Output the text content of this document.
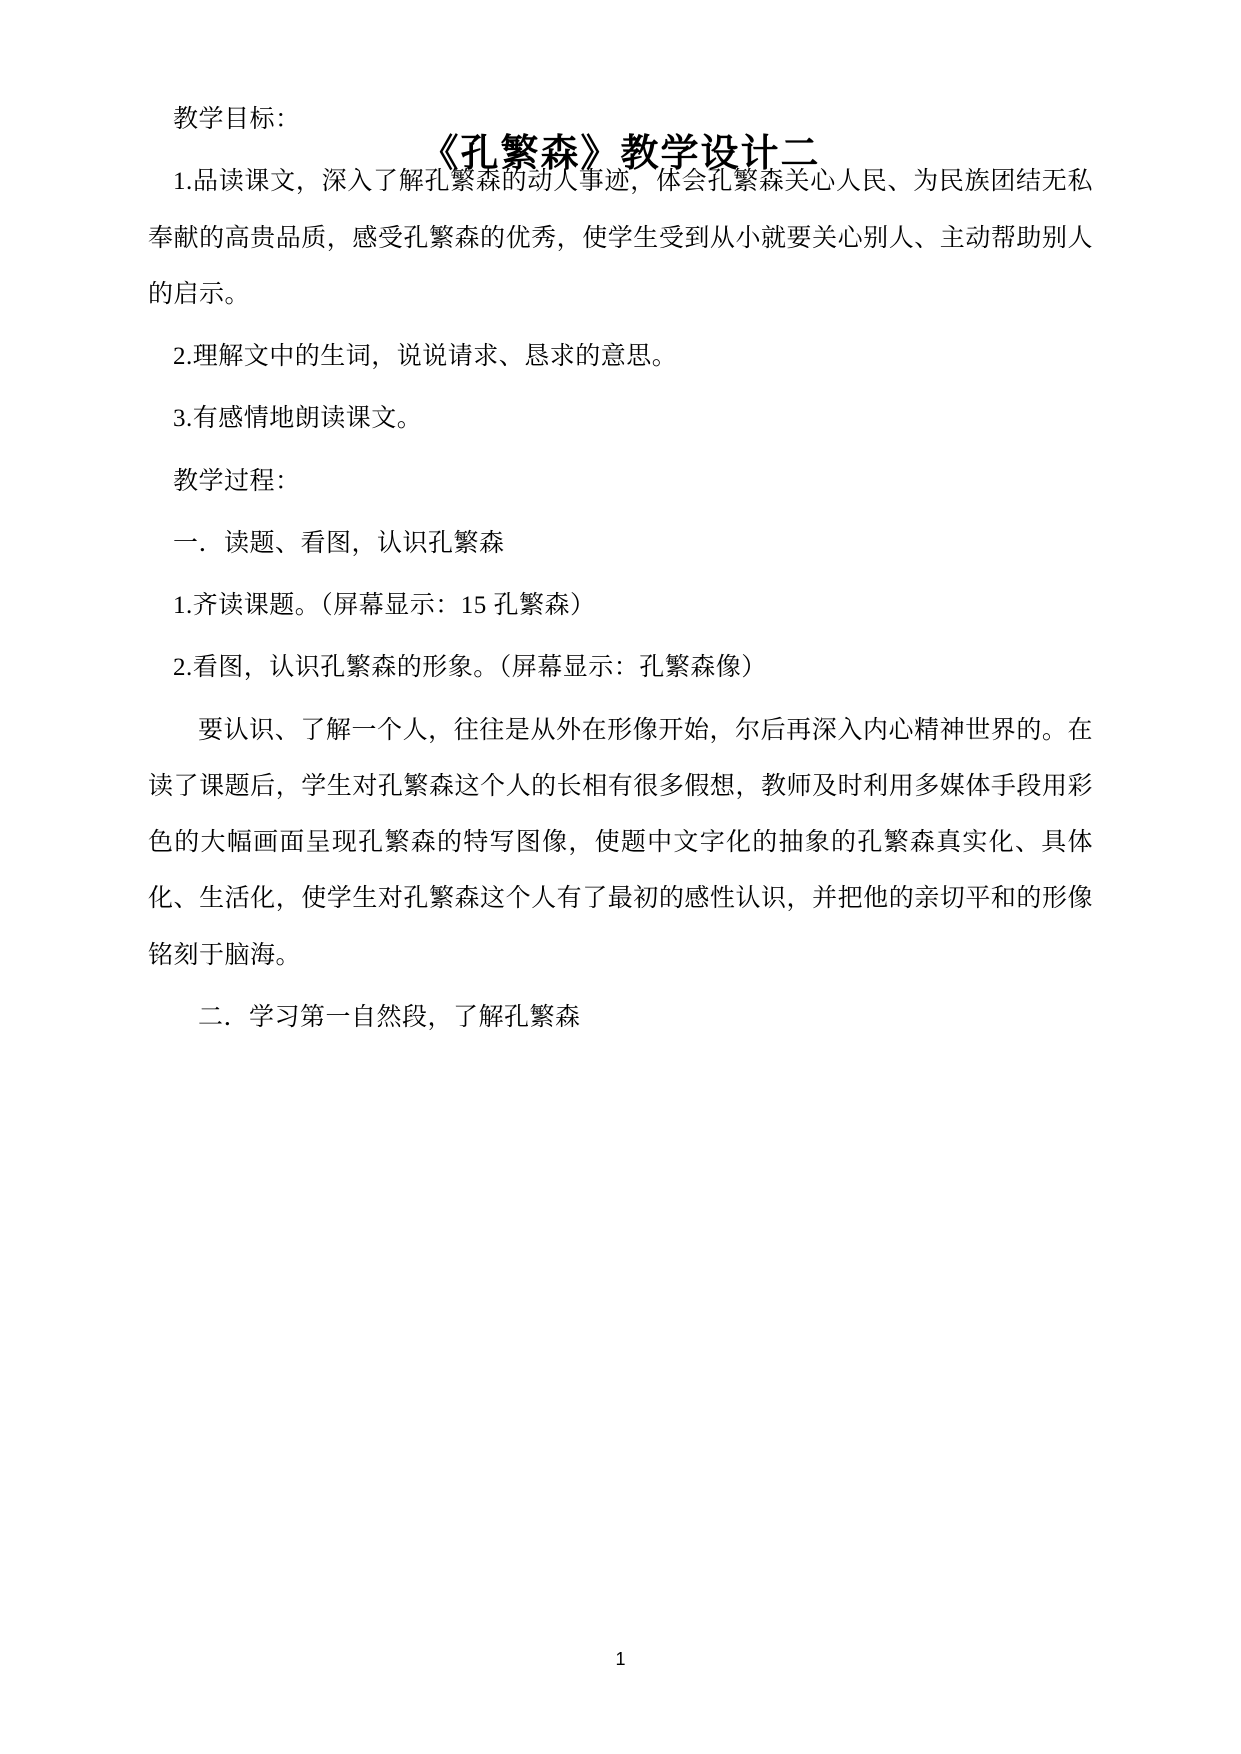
《孔繁森》教学设计二

教学目标：

1.品读课文，深入了解孔繁森的动人事迹，体会孔繁森关心人民、为民族团结无私奉献的高贵品质，感受孔繁森的优秀，使学生受到从小就要关心别人、主动帮助别人的启示。

2.理解文中的生词，说说请求、恳求的意思。

3.有感情地朗读课文。

教学过程：

一．读题、看图，认识孔繁森

1.齐读课题。（屏幕显示：15 孔繁森）

2.看图，认识孔繁森的形象。（屏幕显示：孔繁森像）

要认识、了解一个人，往往是从外在形像开始，尔后再深入内心精神世界的。在读了课题后，学生对孔繁森这个人的长相有很多假想，教师及时利用多媒体手段用彩色的大幅画面呈现孔繁森的特写图像，使题中文字化的抽象的孔繁森真实化、具体化、生活化，使学生对孔繁森这个人有了最初的感性认识，并把他的亲切平和的形像铭刻于脑海。

二．学习第一自然段，了解孔繁森

1
